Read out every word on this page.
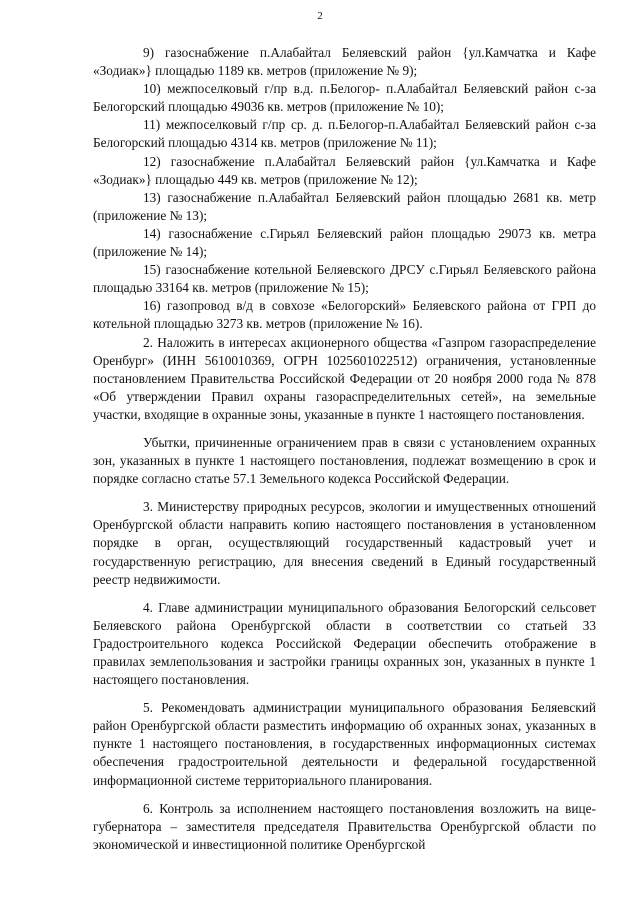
2

9) газоснабжение п.Алабайтал Беляевский район {ул.Камчатка и Кафе «Зодиак»} площадью 1189 кв. метров (приложение № 9);

10) межпоселковый г/пр в.д. п.Белогор- п.Алабайтал Беляевский район с-за Белогорский площадью 49036 кв. метров (приложение № 10);

11) межпоселковый г/пр ср. д. п.Белогор-п.Алабайтал Беляевский район с-за Белогорский площадью 4314 кв. метров (приложение № 11);

12) газоснабжение п.Алабайтал Беляевский район {ул.Камчатка и Кафе «Зодиак»} площадью 449 кв. метров (приложение № 12);

13) газоснабжение п.Алабайтал Беляевский район площадью 2681 кв. метр (приложение № 13);

14) газоснабжение с.Гирьял Беляевский район площадью 29073 кв. метра (приложение № 14);

15) газоснабжение котельной Беляевского ДРСУ с.Гирьял Беляевского района площадью 33164 кв. метров (приложение № 15);

16) газопровод в/д в совхозе «Белогорский» Беляевского района от ГРП до котельной площадью 3273 кв. метров (приложение № 16).

2. Наложить в интересах акционерного общества «Газпром газораспределение Оренбург» (ИНН 5610010369, ОГРН 1025601022512) ограничения, установленные постановлением Правительства Российской Федерации от 20 ноября 2000 года № 878 «Об утверждении Правил охраны газораспределительных сетей», на земельные участки, входящие в охранные зоны, указанные в пункте 1 настоящего постановления.

Убытки, причиненные ограничением прав в связи с установлением охранных зон, указанных в пункте 1 настоящего постановления, подлежат возмещению в срок и порядке согласно статье 57.1 Земельного кодекса Российской Федерации.

3. Министерству природных ресурсов, экологии и имущественных отношений Оренбургской области направить копию настоящего постановления в установленном порядке в орган, осуществляющий государственный кадастровый учет и государственную регистрацию, для внесения сведений в Единый государственный реестр недвижимости.

4. Главе администрации муниципального образования Белогорский сельсовет Беляевского района Оренбургской области в соответствии со статьей 33 Градостроительного кодекса Российской Федерации обеспечить отображение в правилах землепользования и застройки границы охранных зон, указанных в пункте 1 настоящего постановления.

5. Рекомендовать администрации муниципального образования Беляевский район Оренбургской области разместить информацию об охранных зонах, указанных в пункте 1 настоящего постановления, в государственных информационных системах обеспечения градостроительной деятельности и федеральной государственной информационной системе территориального планирования.

6. Контроль за исполнением настоящего постановления возложить на вице-губернатора – заместителя председателя Правительства Оренбургской области по экономической и инвестиционной политике Оренбургской
